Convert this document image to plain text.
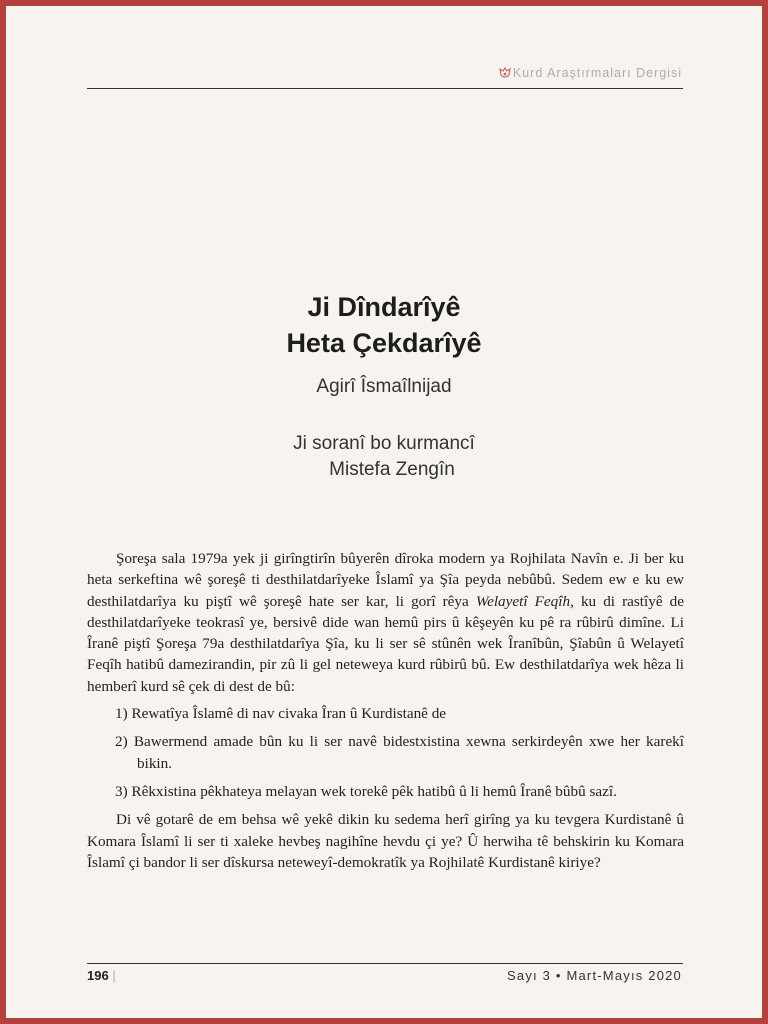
Kurd Araştırmaları Dergisi
Ji Dîndarîyê
Heta Çekdarîyê
Agirî Îsmaîlnijad
Ji soranî bo kurmancî
Mistefa Zengîn

Şoreşa sala 1979a yek ji girîngtirîn bûyerên dîroka modern ya Rojhilata Navîn e. Ji ber ku heta serkeftina wê şoreşê ti desthilatdarîyeke Îslamî ya Şîa peyda nebûbû. Sedem ew e ku ew desthilatdarîya ku piştî wê şoreşê hate ser kar, li gorî rêya Welayetî Feqîh, ku di rastîyê de desthilatdarîyeke teokrasî ye, bersivê dide wan hemû pirs û kêşeyên ku pê ra rûbirû dimîne. Li Îranê piştî Şoreşa 79a desthilatdarîya Şîa, ku li ser sê stûnên wek Îranîbûn, Şîabûn û Welayetî Feqîh hatibû damezirandin, pir zû li gel neteweya kurd rûbirû bû. Ew desthilatdarîya wek hêza li hemberî kurd sê çek di dest de bû:

1) Rewatîya Îslamê di nav civaka Îran û Kurdistanê de
2) Bawermend amade bûn ku li ser navê bidestxistina xewna serkirdeyên xwe her karekî bikin.
3) Rêkxistina pêkhateya melayan wek torekê pêk hatibû û li hemû Îranê bûbû sazî.

Di vê gotarê de em behsa wê yekê dikin ku sedema herî girîng ya ku tevgera Kurdistanê û Komara Îslamî li ser ti xaleke hevbeş nagihîne hevdu çi ye? Û herwiha tê behskirin ku Komara Îslamî çi bandor li ser dîskursa neteweyî-demokratîk ya Rojhilatê Kurdistanê kiriye?

196 |	Sayı 3 • Mart-Mayıs 2020
